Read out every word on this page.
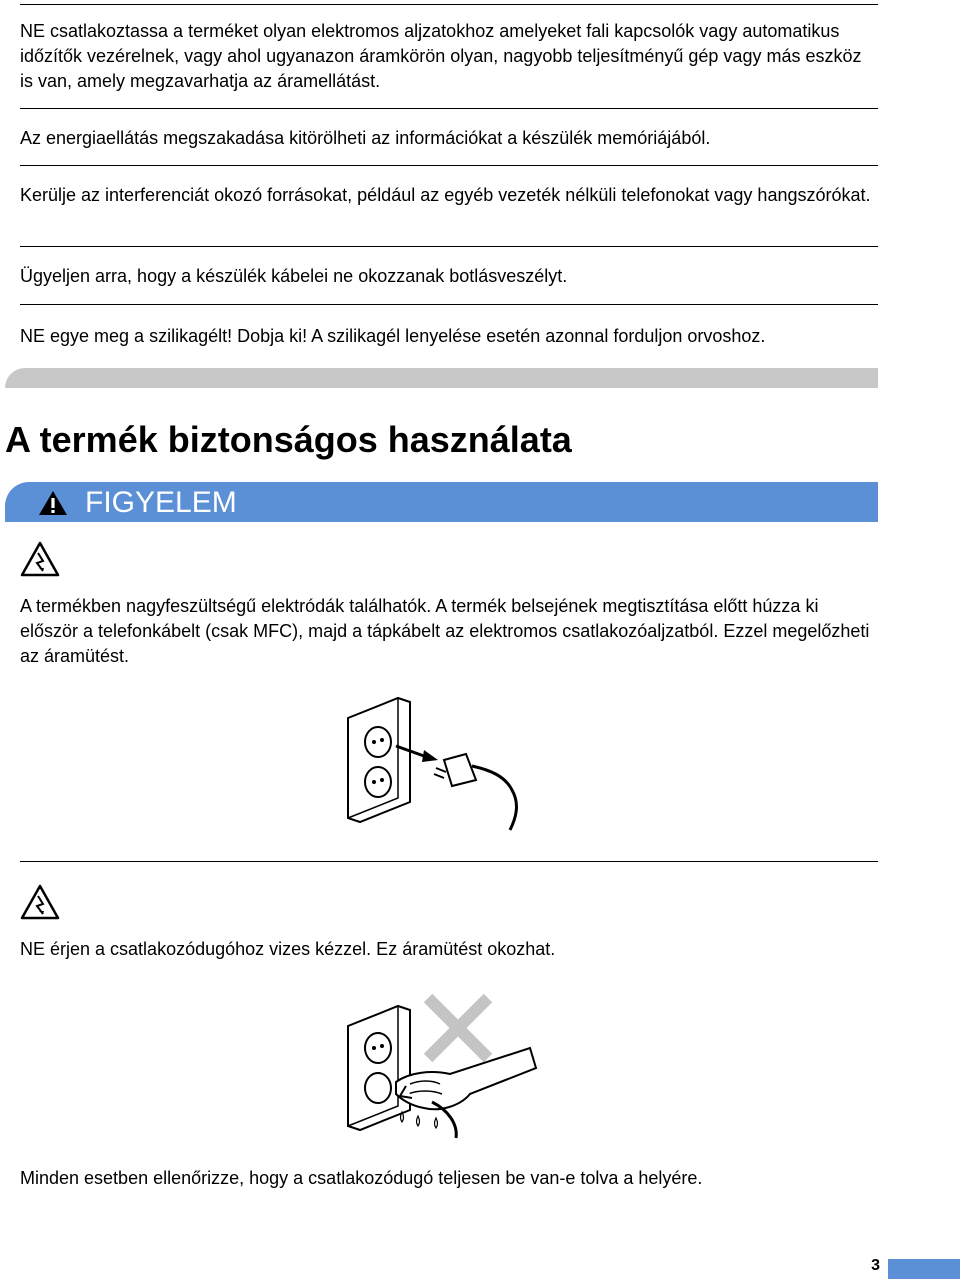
NE csatlakoztassa a terméket olyan elektromos aljzatokhoz amelyeket fali kapcsolók vagy automatikus időzítők vezérelnek, vagy ahol ugyanazon áramkörön olyan, nagyobb teljesítményű gép vagy más eszköz is van, amely megzavarhatja az áramellátást.

Az energiaellátás megszakadása kitörölheti az információkat a készülék memóriájából.

Kerülje az interferenciát okozó forrásokat, például az egyéb vezeték nélküli telefonokat vagy hangszórókat.

Ügyeljen arra, hogy a készülék kábelei ne okozzanak botlásveszélyt.

NE egye meg a szilikagélt! Dobja ki! A szilikagél lenyelése esetén azonnal forduljon orvoshoz.

A termék biztonságos használata
FIGYELEM

A termékben nagyfeszültségű elektródák találhatók. A termék belsejének megtisztítása előtt húzza ki először a telefonkábelt (csak MFC), majd a tápkábelt az elektromos csatlakozóaljzatból. Ezzel megelőzheti az áramütést.

NE érjen a csatlakozódugóhoz vizes kézzel. Ez áramütést okozhat.

Minden esetben ellenőrizze, hogy a csatlakozódugó teljesen be van-e tolva a helyére.

3
